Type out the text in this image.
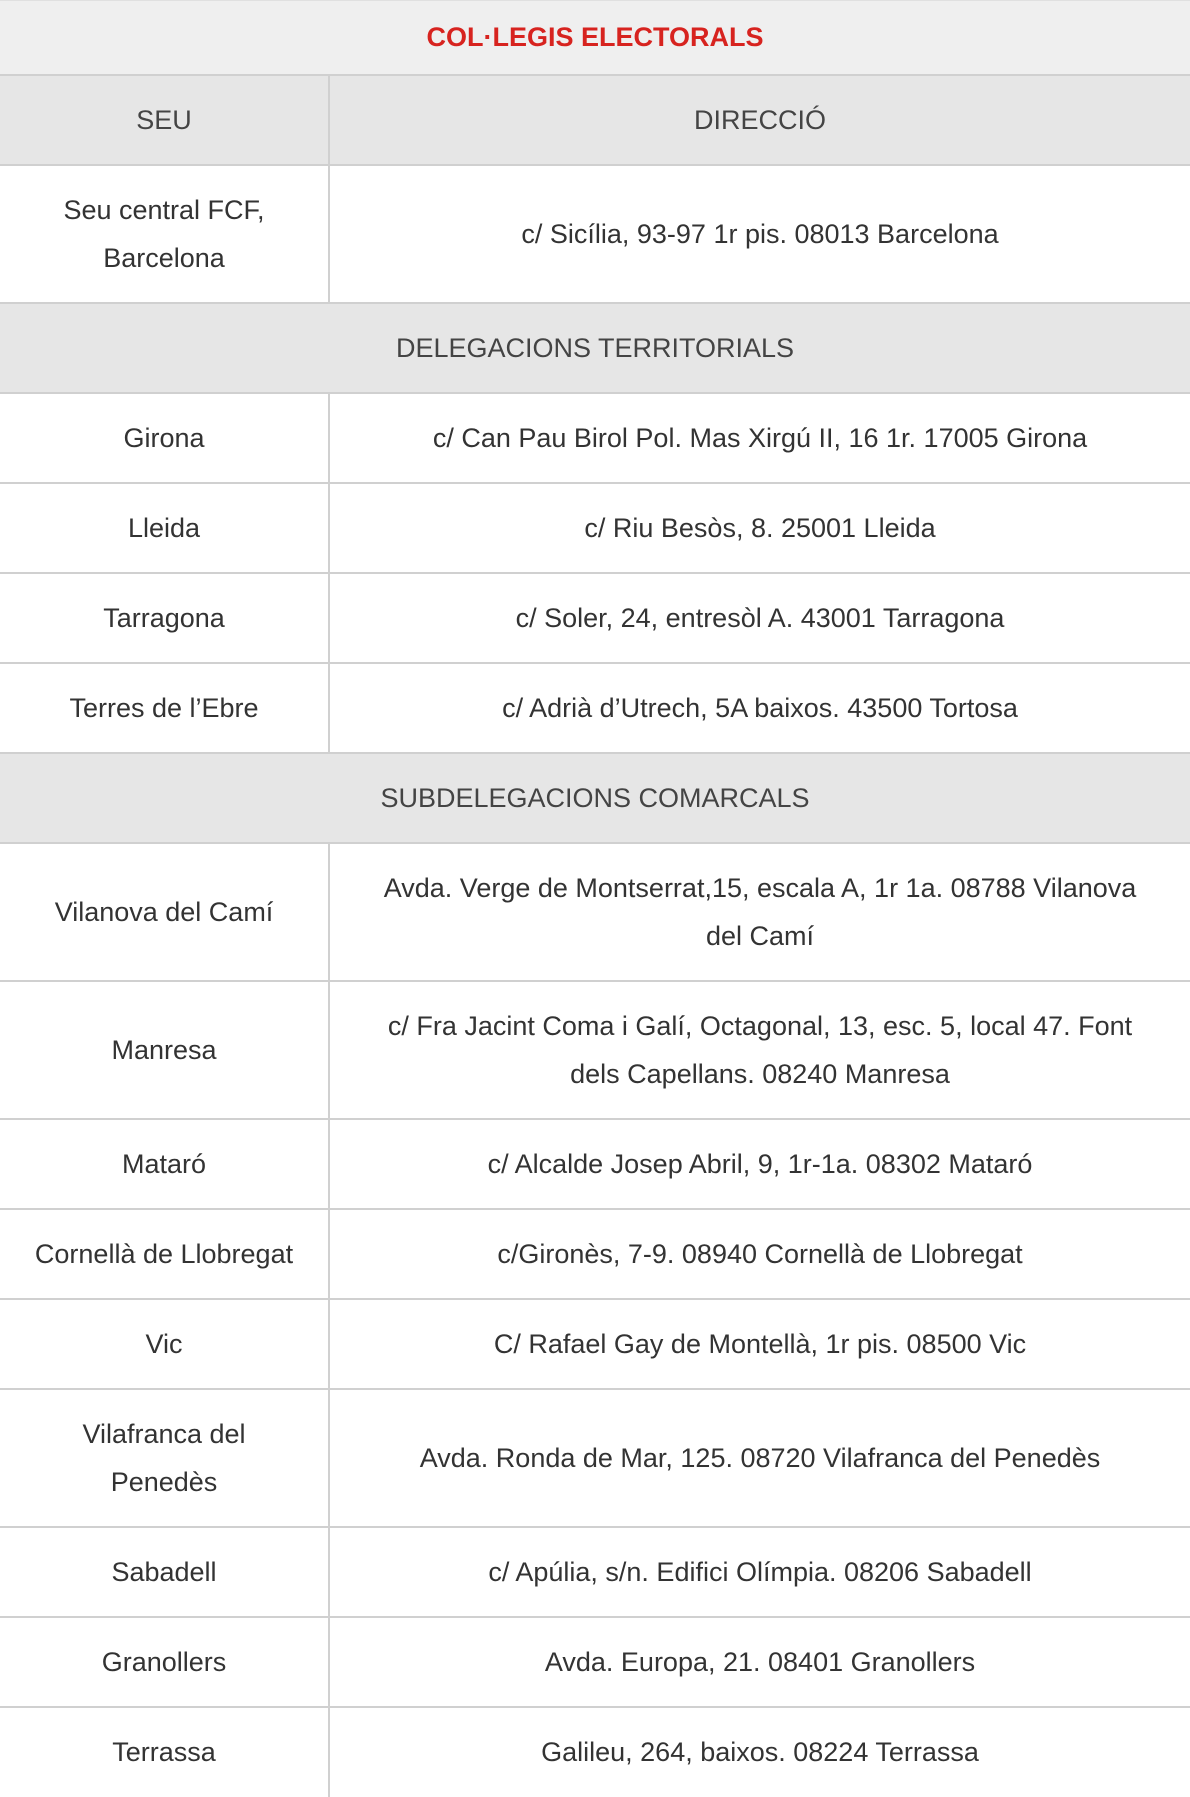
COL·LEGIS ELECTORALS	
SEU	DIRECCIÓ
Seu central FCF, Barcelona	c/ Sicília, 93-97 1r pis. 08013 Barcelona
DELEGACIONS TERRITORIALS	
Girona	c/ Can Pau Birol Pol. Mas Xirgú II, 16 1r. 17005 Girona
Lleida	c/ Riu Besòs, 8. 25001 Lleida
Tarragona	c/ Soler, 24, entresòl A. 43001 Tarragona
Terres de l’Ebre	c/ Adrià d’Utrech, 5A baixos. 43500 Tortosa
SUBDELEGACIONS COMARCALS	
Vilanova del Camí	Avda. Verge de Montserrat,15, escala A, 1r 1a. 08788 Vilanova del Camí
Manresa	c/ Fra Jacint Coma i Galí, Octagonal, 13, esc. 5, local 47. Font dels Capellans. 08240 Manresa
Mataró	c/ Alcalde Josep Abril, 9, 1r-1a. 08302 Mataró
Cornellà de Llobregat	c/Gironès, 7-9. 08940 Cornellà de Llobregat
Vic	C/ Rafael Gay de Montellà, 1r pis. 08500 Vic
Vilafranca del Penedès	Avda. Ronda de Mar, 125. 08720 Vilafranca del Penedès
Sabadell	c/ Apúlia, s/n. Edifici Olímpia. 08206 Sabadell
Granollers	Avda. Europa, 21. 08401 Granollers
Terrassa	Galileu, 264, baixos. 08224 Terrassa
